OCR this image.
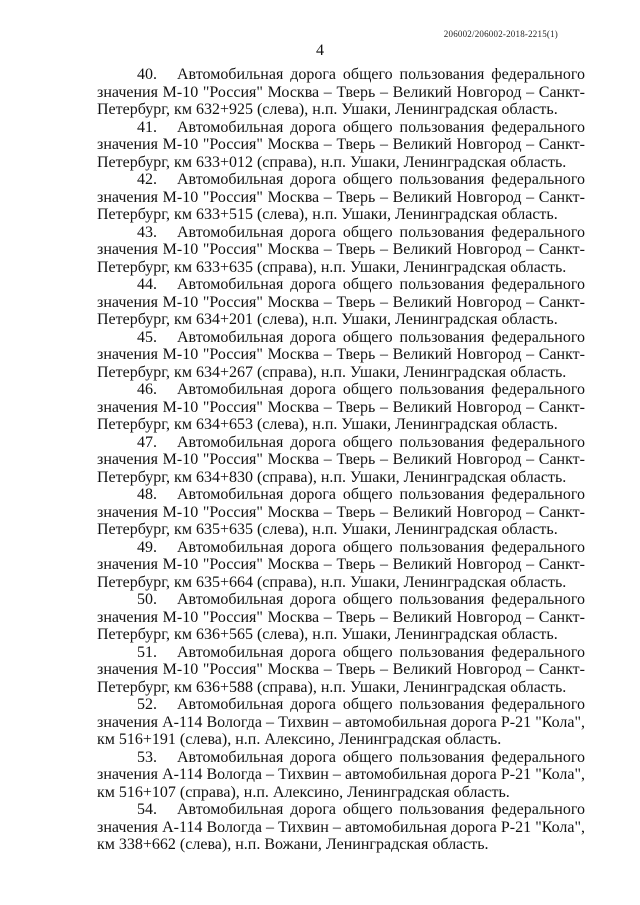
206002/206002-2018-2215(1)
4

40. Автомобильная дорога общего пользования федерального значения М-10 "Россия" Москва – Тверь – Великий Новгород – Санкт- Петербург, км 632+925 (слева), н.п. Ушаки, Ленинградская область.

41. Автомобильная дорога общего пользования федерального значения М-10 "Россия" Москва – Тверь – Великий Новгород – Санкт- Петербург, км 633+012 (справа), н.п. Ушаки, Ленинградская область.

42. Автомобильная дорога общего пользования федерального значения М-10 "Россия" Москва – Тверь – Великий Новгород – Санкт- Петербург, км 633+515 (слева), н.п. Ушаки, Ленинградская область.

43. Автомобильная дорога общего пользования федерального значения М-10 "Россия" Москва – Тверь – Великий Новгород – Санкт- Петербург, км 633+635 (справа), н.п. Ушаки, Ленинградская область.

44. Автомобильная дорога общего пользования федерального значения М-10 "Россия" Москва – Тверь – Великий Новгород – Санкт- Петербург, км 634+201 (слева), н.п. Ушаки, Ленинградская область.

45. Автомобильная дорога общего пользования федерального значения М-10 "Россия" Москва – Тверь – Великий Новгород – Санкт- Петербург, км 634+267 (справа), н.п. Ушаки, Ленинградская область.

46. Автомобильная дорога общего пользования федерального значения М-10 "Россия" Москва – Тверь – Великий Новгород – Санкт- Петербург, км 634+653 (слева), н.п. Ушаки, Ленинградская область.

47. Автомобильная дорога общего пользования федерального значения М-10 "Россия" Москва – Тверь – Великий Новгород – Санкт- Петербург, км 634+830 (справа), н.п. Ушаки, Ленинградская область.

48. Автомобильная дорога общего пользования федерального значения М-10 "Россия" Москва – Тверь – Великий Новгород – Санкт- Петербург, км 635+635 (слева), н.п. Ушаки, Ленинградская область.

49. Автомобильная дорога общего пользования федерального значения М-10 "Россия" Москва – Тверь – Великий Новгород – Санкт- Петербург, км 635+664 (справа), н.п. Ушаки, Ленинградская область.

50. Автомобильная дорога общего пользования федерального значения М-10 "Россия" Москва – Тверь – Великий Новгород – Санкт- Петербург, км 636+565 (слева), н.п. Ушаки, Ленинградская область.

51. Автомобильная дорога общего пользования федерального значения М-10 "Россия" Москва – Тверь – Великий Новгород – Санкт- Петербург, км 636+588 (справа), н.п. Ушаки, Ленинградская область.

52. Автомобильная дорога общего пользования федерального значения А-114 Вологда – Тихвин – автомобильная дорога Р-21 "Кола", км 516+191 (слева), н.п. Алексино, Ленинградская область.

53. Автомобильная дорога общего пользования федерального значения А-114 Вологда – Тихвин – автомобильная дорога Р-21 "Кола", км 516+107 (справа), н.п. Алексино, Ленинградская область.

54. Автомобильная дорога общего пользования федерального значения А-114 Вологда – Тихвин – автомобильная дорога Р-21 "Кола", км 338+662 (слева), н.п. Вожани, Ленинградская область.
